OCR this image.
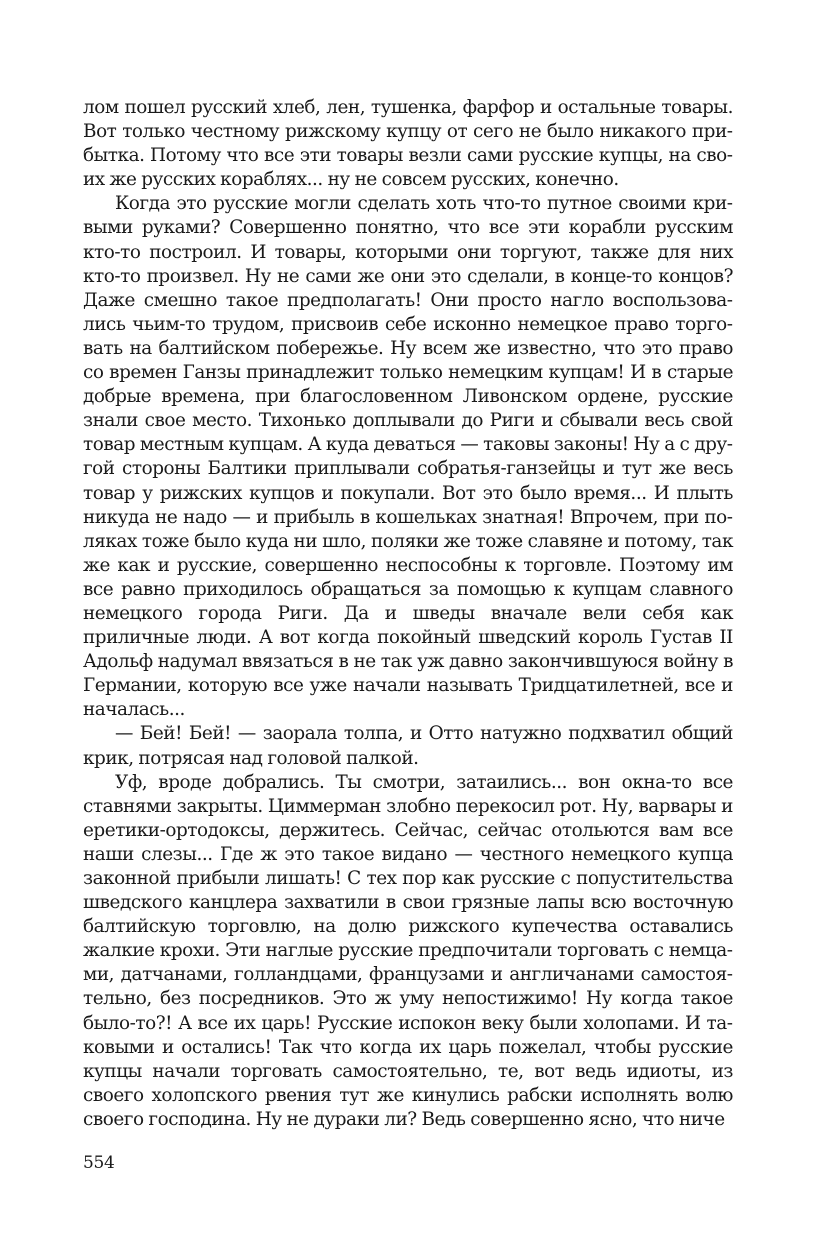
лом пошел русский хлеб, лен, тушенка, фарфор и остальные товары. Вот только честному рижскому купцу от сего не было никакого прибытка. Потому что все эти товары везли сами русские купцы, на своих же русских кораблях... ну не совсем русских, конечно.

Когда это русские могли сделать хоть что-то путное своими кривыми руками? Совершенно понятно, что все эти корабли русским кто-то построил. И товары, которыми они торгуют, также для них кто-то произвел. Ну не сами же они это сделали, в конце-то концов? Даже смешно такое предполагать! Они просто нагло воспользовались чьим-то трудом, присвоив себе исконно немецкое право торговать на балтийском побережье. Ну всем же известно, что это право со времен Ганзы принадлежит только немецким купцам! И в старые добрые времена, при благословенном Ливонском ордене, русские знали свое место. Тихонько доплывали до Риги и сбывали весь свой товар местным купцам. А куда деваться — таковы законы! Ну а с другой стороны Балтики приплывали собратья-ганзейцы и тут же весь товар у рижских купцов и покупали. Вот это было время... И плыть никуда не надо — и прибыль в кошельках знатная! Впрочем, при поляках тоже было куда ни шло, поляки же тоже славяне и потому, так же как и русские, совершенно неспособны к торговле. Поэтому им все равно приходилось обращаться за помощью к купцам славного немецкого города Риги. Да и шведы вначале вели себя как приличные люди. А вот когда покойный шведский король Густав II Адольф надумал ввязаться в не так уж давно закончившуюся войну в Германии, которую все уже начали называть Тридцатилетней, все и началась...

— Бей! Бей! — заорала толпа, и Отто натужно подхватил общий крик, потрясая над головой палкой.

Уф, вроде добрались. Ты смотри, затаились... вон окна-то все ставнями закрыты. Циммерман злобно перекосил рот. Ну, варвары и еретики-ортодоксы, держитесь. Сейчас, сейчас отольются вам все наши слезы... Где ж это такое видано — честного немецкого купца законной прибыли лишать! С тех пор как русские с попустительства шведского канцлера захватили в свои грязные лапы всю восточную балтийскую торговлю, на долю рижского купечества оставались жалкие крохи. Эти наглые русские предпочитали торговать с немцами, датчанами, голландцами, французами и англичанами самостоятельно, без посредников. Это ж уму непостижимо! Ну когда такое было-то?! А все их царь! Русские испокон веку были холопами. И таковыми и остались! Так что когда их царь пожелал, чтобы русские купцы начали торговать самостоятельно, те, вот ведь идиоты, из своего холопского рвения тут же кинулись рабски исполнять волю своего господина. Ну не дураки ли? Ведь совершенно ясно, что ниче

554
